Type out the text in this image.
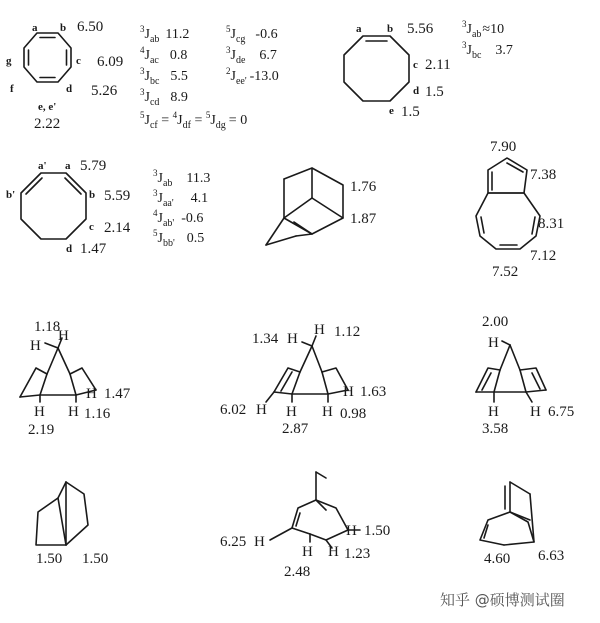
a b
c
d
e, e'
f
g
6.50
6.09
5.26
2.22
$^3J_{ab}$ 11.2
$^4J_{ac}$ 0.8
$^3J_{bc}$ 5.5
$^3J_{cd}$ 8.9
$^5J_{cg}$ -0.6
$^3J_{de}$ 6.7
$^2J_{ee'}$ -13.0
$^5J_{cf} = ^4J_{df} = ^5J_{dg} = 0$
a b
c
d
e
5.56
2.11
1.5
1.5
$^3J_{ab}\approx 10$
$^3J_{bc}$ 3.7
a' a
b'	b
c
d
5.79
5.59
2.14
1.47
$^3J_{ab}$ 11.3
$^3J_{aa'}$ 4.1
$^4J_{ab'}$ -0.6
$^5J_{bb'}$ 0.5
1.76
1.87
7.90
7.38
8.31
7.12
7.52
1.18
H
H
H 1.47
H H 1.16
2.19
1.34 H
H 1.12
H 1.63
6.02 H H H 0.98
2.87
2.00
H
H H 6.75
3.58
1.50 1.50
6.25 H
H 1.50
H H 1.23
2.48
4.60 6.63
知乎 @硕博测试圈
